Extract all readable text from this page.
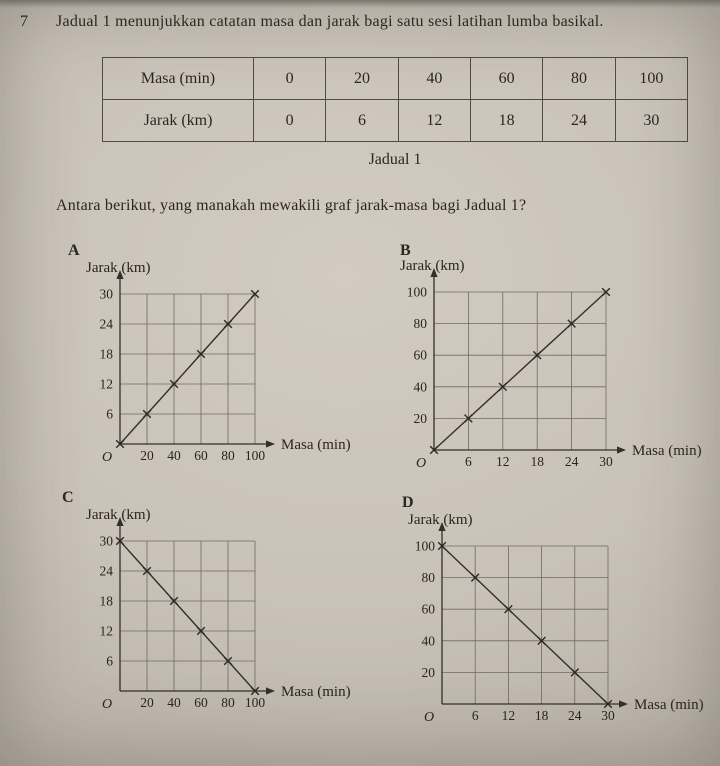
7	Jadual 1 menunjukkan catatan masa dan jarak bagi satu sesi latihan lumba basikal.
Masa (min)	0	20	40	60	80	100
Jarak (km)	0	6	12	18	24	30
Jadual 1
Antara berikut, yang manakah mewakili graf jarak-masa bagi Jadual 1?
A
Jarak (km)
Masa (min)
O
6
12
18
24
30
20 40 60 80 100
B
Jarak (km)
Masa (min)
O
20
40
60
80
100
6 12 18 24 30
C
Jarak (km)
Masa (min)
O
6
12
18
24
30
20 40 60 80 100
D
Jarak (km)
Masa (min)
O
20
40
60
80
100
6 12 18 24 30
